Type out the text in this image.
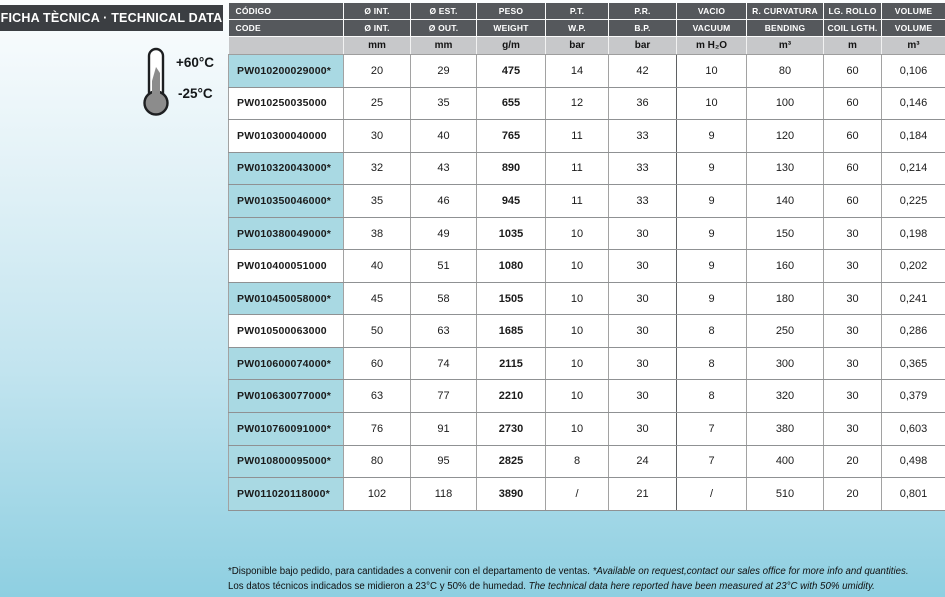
FICHA TÈCNICA · TECHNICAL DATA
+60°C
-25°C
CÓDIGO	Ø INT.	Ø EST.	PESO	P.T.	P.R.	VACIO	R. CURVATURA	LG. ROLLO	VOLUME
CODE	Ø INT.	Ø OUT.	WEIGHT	W.P.	B.P.	VACUUM	BENDING	COIL LGTH.	VOLUME
	mm	mm	g/m	bar	bar	m H₂O	m³	m	m³
PW010200029000*	20	29	475	14	42	10	80	60	0,106
PW010250035000	25	35	655	12	36	10	100	60	0,146
PW010300040000	30	40	765	11	33	9	120	60	0,184
PW010320043000*	32	43	890	11	33	9	130	60	0,214
PW010350046000*	35	46	945	11	33	9	140	60	0,225
PW010380049000*	38	49	1035	10	30	9	150	30	0,198
PW010400051000	40	51	1080	10	30	9	160	30	0,202
PW010450058000*	45	58	1505	10	30	9	180	30	0,241
PW010500063000	50	63	1685	10	30	8	250	30	0,286
PW010600074000*	60	74	2115	10	30	8	300	30	0,365
PW010630077000*	63	77	2210	10	30	8	320	30	0,379
PW010760091000*	76	91	2730	10	30	7	380	30	0,603
PW010800095000*	80	95	2825	8	24	7	400	20	0,498
PW011020118000*	102	118	3890	/	21	/	510	20	0,801
*Disponible bajo pedido, para cantidades a convenir con el departamento de ventas. *Available on request,contact our sales office for more info and quantities.
Los datos técnicos indicados se midieron a 23°C y 50% de humedad. The technical data here reported have been measured at 23°C with 50% umidity.
